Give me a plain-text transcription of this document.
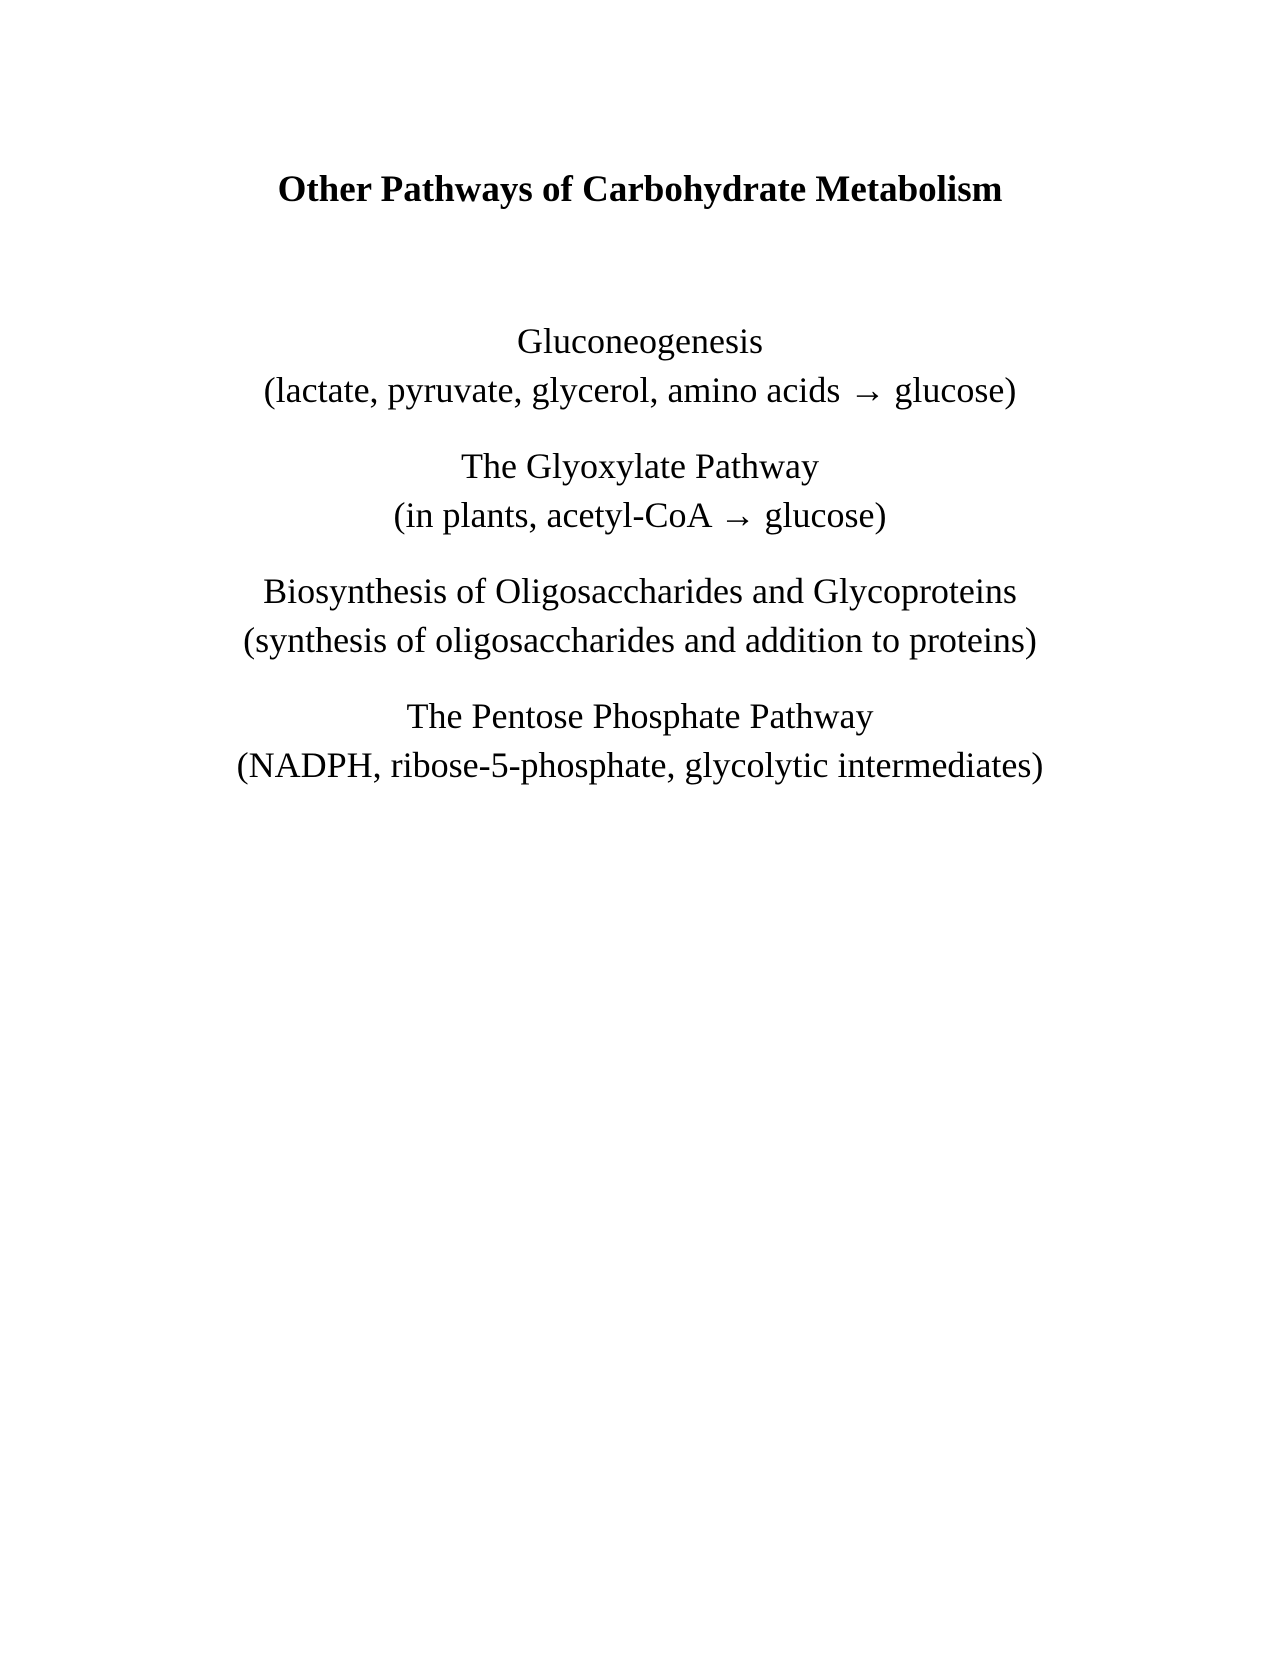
Other Pathways of Carbohydrate Metabolism
Gluconeogenesis
(lactate, pyruvate, glycerol, amino acids → glucose)
The Glyoxylate Pathway
(in plants, acetyl-CoA → glucose)
Biosynthesis of Oligosaccharides and Glycoproteins
(synthesis of oligosaccharides and addition to proteins)
The Pentose Phosphate Pathway
(NADPH, ribose-5-phosphate, glycolytic intermediates)
